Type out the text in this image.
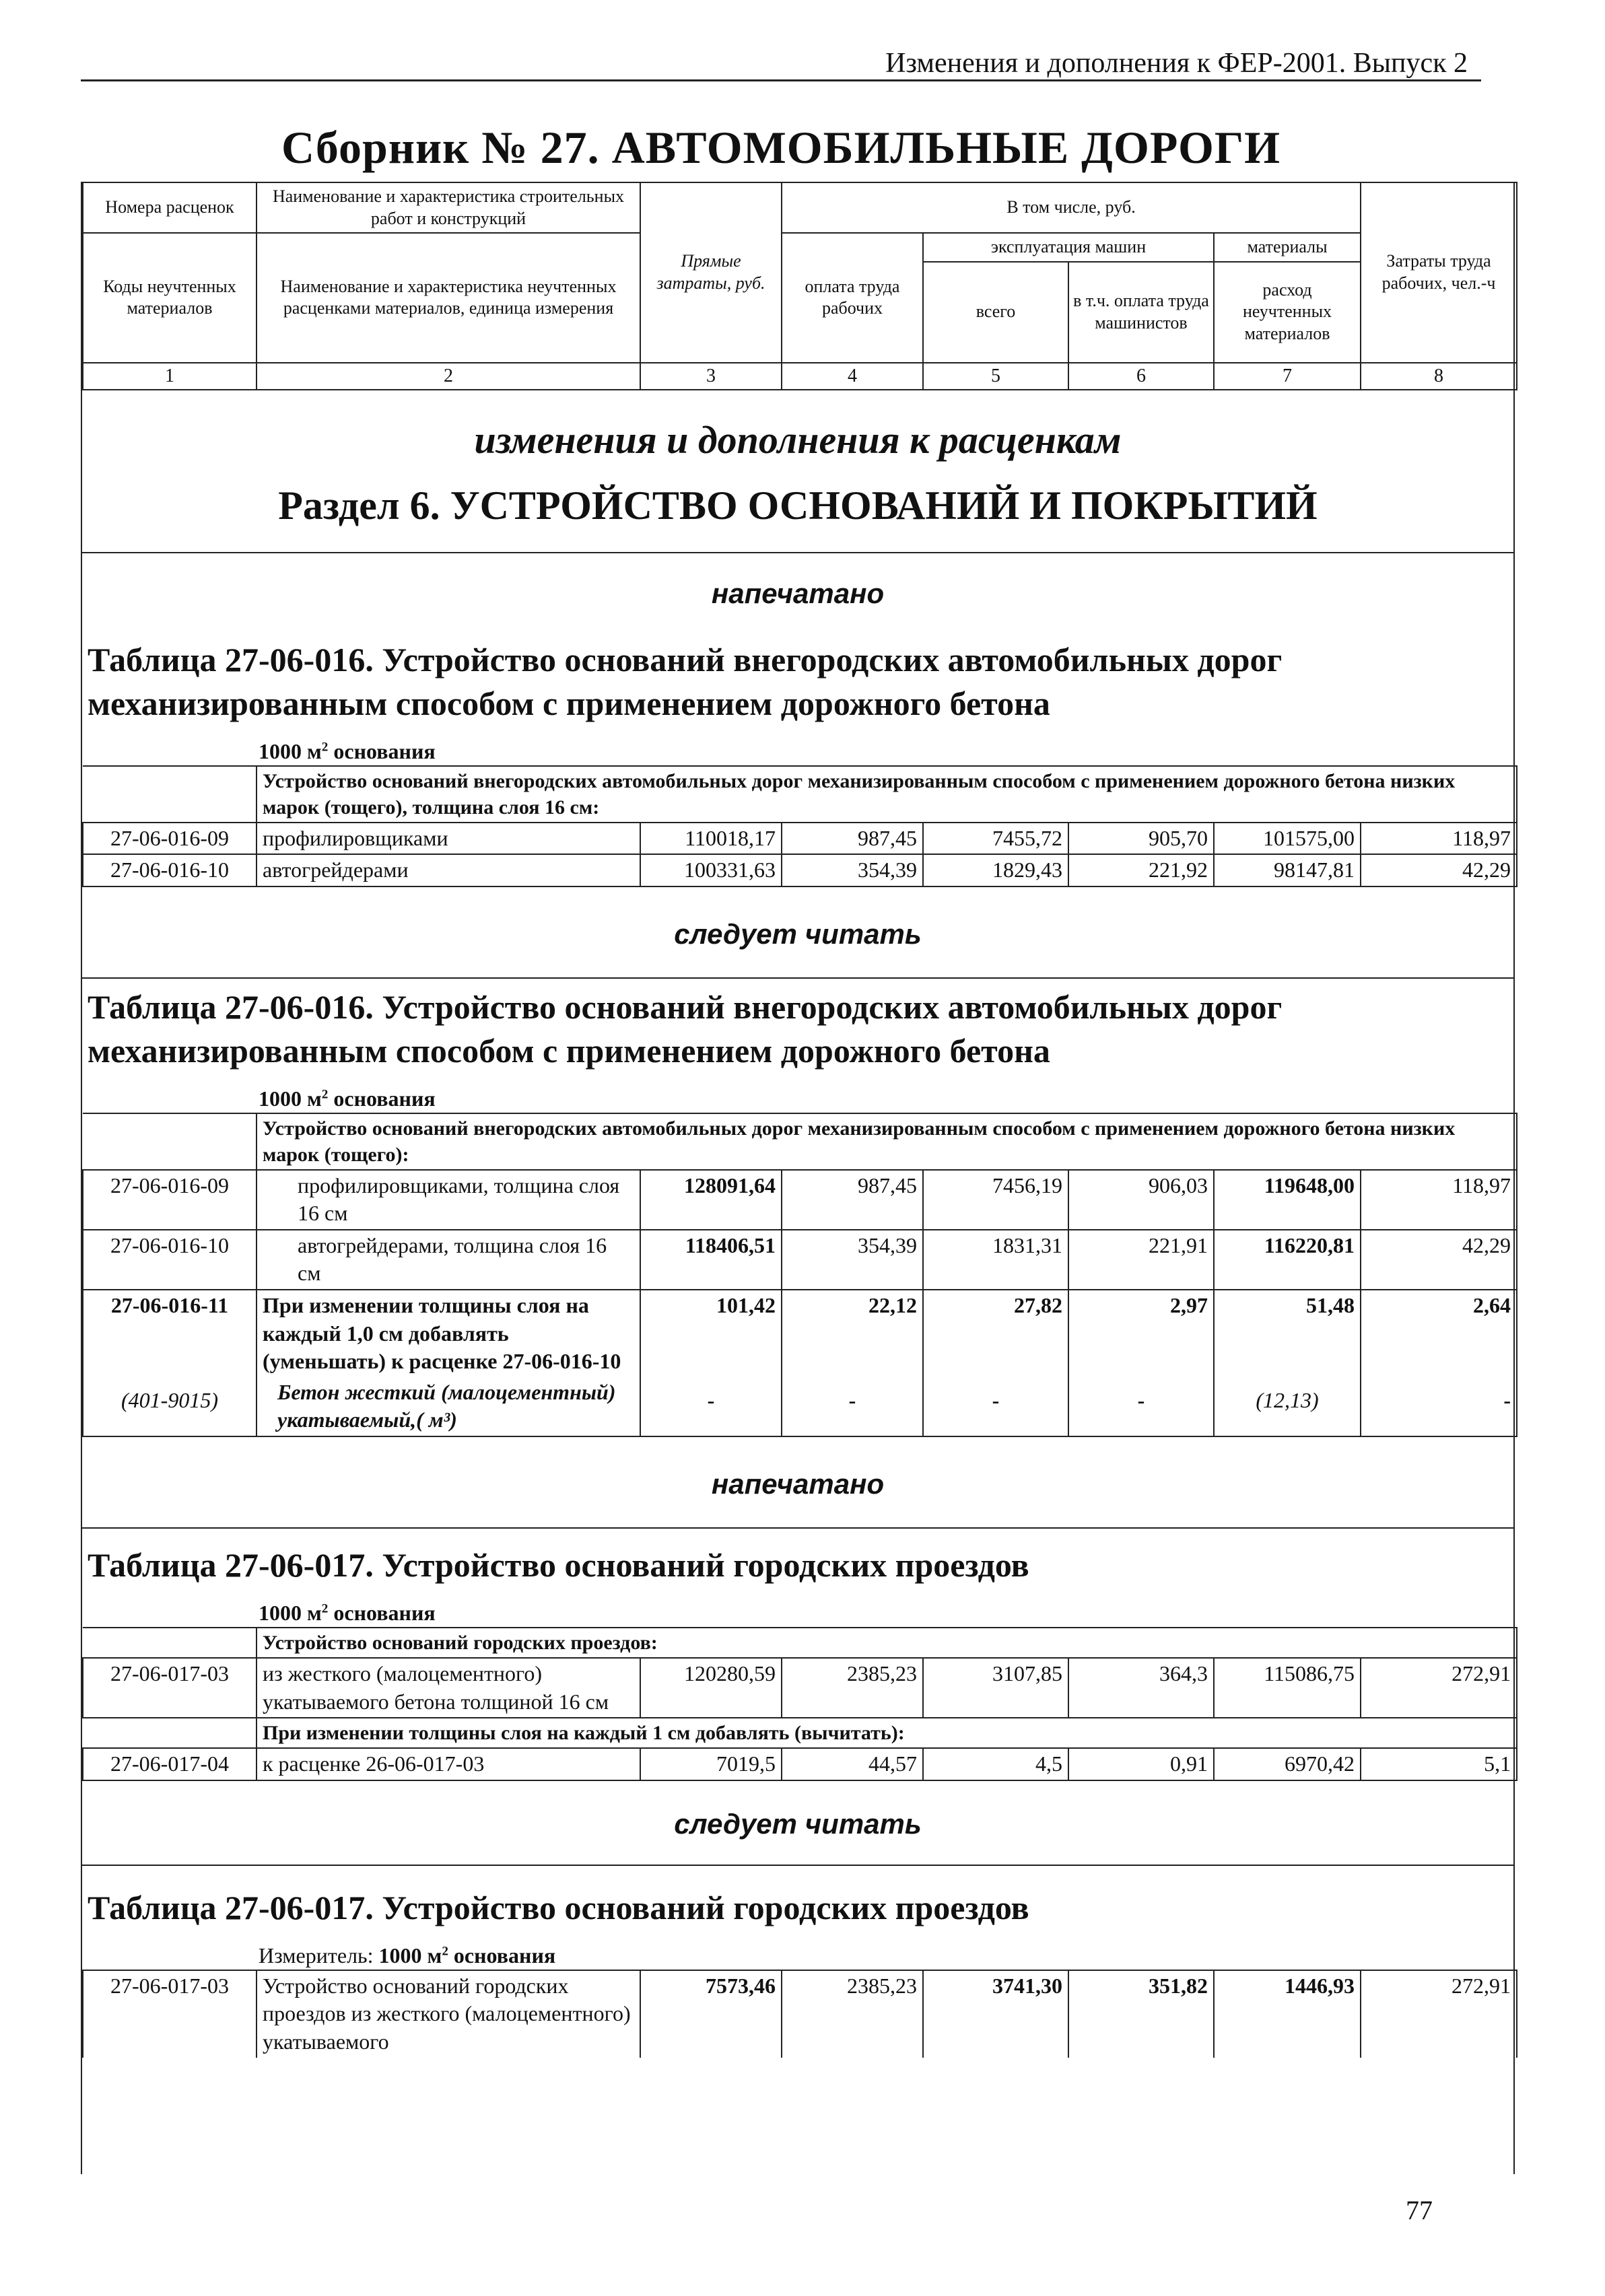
Изменения и дополнения к ФЕР-2001. Выпуск 2
Сборник № 27. АВТОМОБИЛЬНЫЕ ДОРОГИ
Номера расценок	Наименование и характеристика строительных работ и конструкций	Прямые затраты, руб.	В том числе, руб.				Затраты труда рабочих, чел.-ч
Коды неучтенных материалов	Наименование и характеристика неучтенных расценками материалов, единица измерения		оплата труда рабочих	эксплуатация машин		материалы	
				всего	в т.ч. оплата труда машинистов	расход неучтенных материалов	

1	2	3	4	5	6	7	8
изменения и дополнения к расценкам
Раздел 6. УСТРОЙСТВО ОСНОВАНИЙ И ПОКРЫТИЙ
напечатано
Таблица 27-06-016. Устройство оснований внегородских автомобильных дорог механизированным способом с применением дорожного бетона
1000 $м^2$ основания
	Устройство оснований внегородских автомобильных дорог механизированным способом с применением дорожного бетона низких марок (тощего), толщина слоя 16 см:						
27-06-016-09	профилировщиками	110018,17	987,45	7455,72	905,70	101575,00	118,97
27-06-016-10	автогрейдерами	100331,63	354,39	1829,43	221,92	98147,81	42,29
следует читать
Таблица 27-06-016. Устройство оснований внегородских автомобильных дорог механизированным способом с применением дорожного бетона
1000 $м^2$ основания
	Устройство оснований внегородских автомобильных дорог механизированным способом с применением дорожного бетона низких марок (тощего):						
27-06-016-09	профилировщиками, толщина слоя 16 см	128091,64	987,45	7456,19	906,03	119648,00	118,97
27-06-016-10	автогрейдерами, толщина слоя 16 см	118406,51	354,39	1831,31	221,91	116220,81	42,29
27-06-016-11	При изменении толщины слоя на каждый 1,0 см добавлять (уменьшать) к расценке 27-06-016-10	101,42	22,12	27,82	2,97	51,48	2,64
(401-9015)	Бетон жесткий (малоцементный) укатываемый,( м³)	-	-	-	-	(12,13)	-
напечатано
Таблица 27-06-017. Устройство оснований городских проездов
1000 $м^2$ основания
	Устройство оснований городских проездов:						
27-06-017-03	из жесткого (малоцементного) укатываемого бетона толщиной 16 см	120280,59	2385,23	3107,85	364,3	115086,75	272,91
	При изменении толщины слоя на каждый 1 см добавлять (вычитать):						
27-06-017-04	к расценке 26-06-017-03	7019,5	44,57	4,5	0,91	6970,42	5,1
следует читать
Таблица 27-06-017. Устройство оснований городских проездов
Измеритель: 1000 $м^2$ основания
27-06-017-03	Устройство оснований городских проездов из жесткого (малоцементного) укатываемого	7573,46	2385,23	3741,30	351,82	1446,93	272,91
77
